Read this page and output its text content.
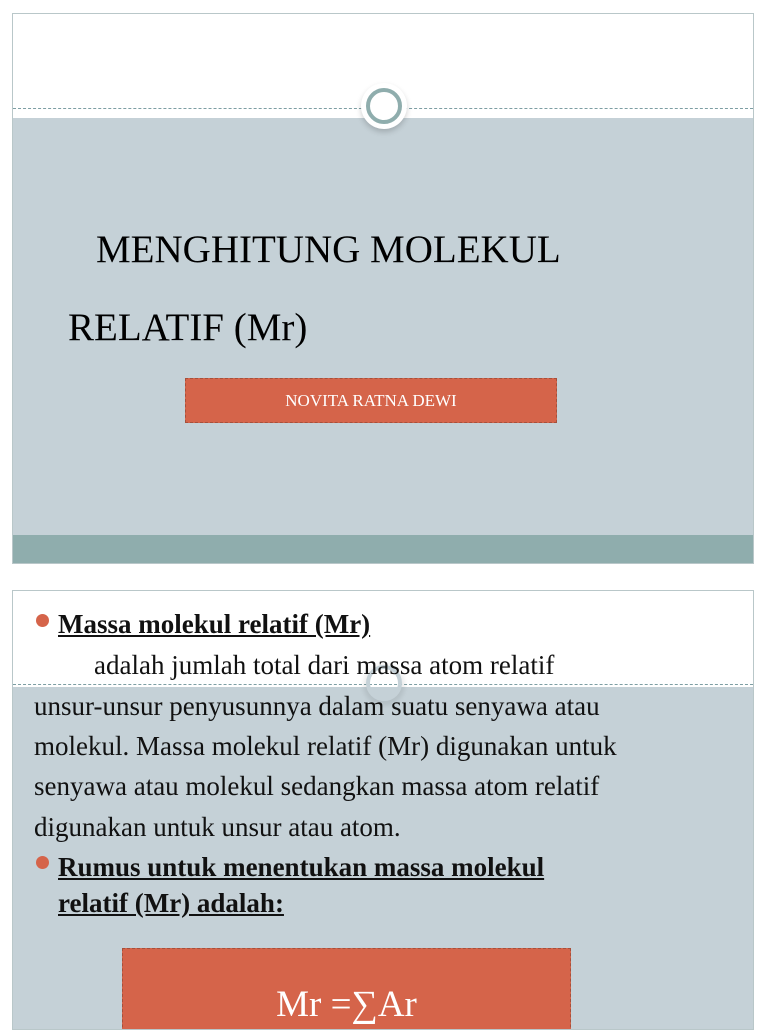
MENGHITUNG MOLEKUL
RELATIF (Mr)
NOVITA RATNA DEWI
Massa molekul relatif (Mr)
adalah jumlah total dari massa atom relatif
unsur-unsur penyusunnya dalam suatu senyawa atau
molekul. Massa molekul relatif (Mr) digunakan untuk
senyawa atau molekul sedangkan massa atom relatif
digunakan untuk unsur atau atom.
Rumus untuk menentukan massa molekul
relatif (Mr) adalah:
Mr =∑Ar
